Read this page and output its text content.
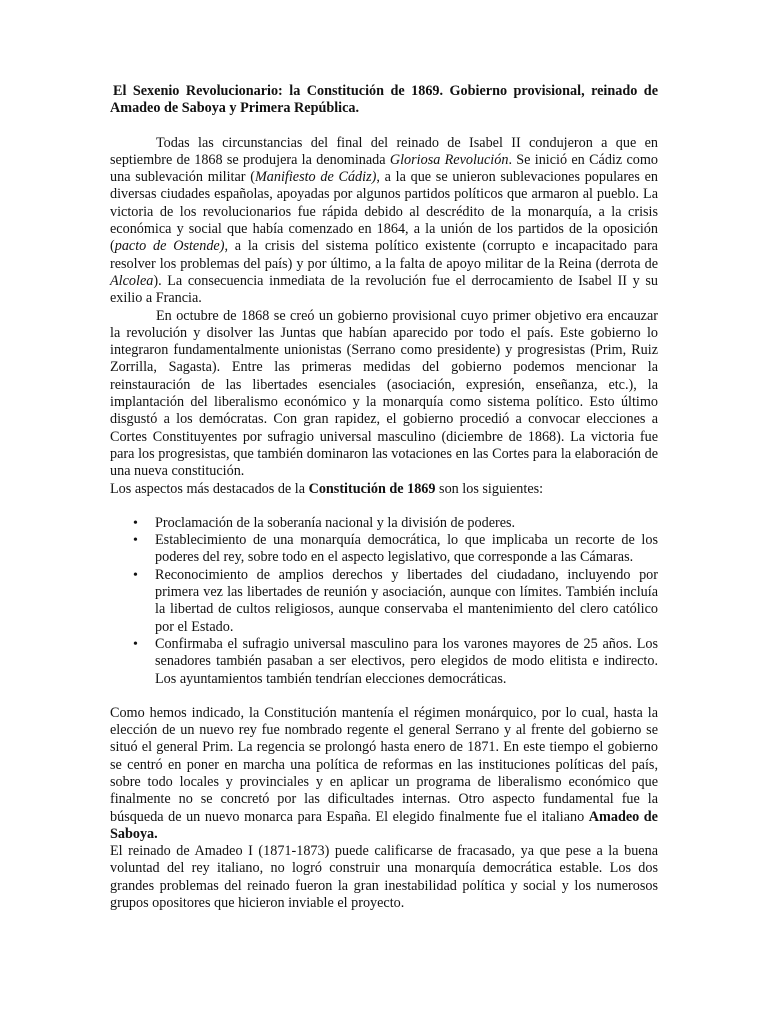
El Sexenio Revolucionario: la Constitución de 1869. Gobierno provisional, reinado de Amadeo de Saboya y Primera República.

Todas las circunstancias del final del reinado de Isabel II condujeron a que en septiembre de 1868 se produjera la denominada Gloriosa Revolución. Se inició en Cádiz como una sublevación militar (Manifiesto de Cádiz), a la que se unieron sublevaciones populares en diversas ciudades españolas, apoyadas por algunos partidos políticos que armaron al pueblo. La victoria de los revolucionarios fue rápida debido al descrédito de la monarquía, a la crisis económica y social que había comenzado en 1864, a la unión de los partidos de la oposición (pacto de Ostende), a la crisis del sistema político existente (corrupto e incapacitado para resolver los problemas del país) y por último, a la falta de apoyo militar de la Reina (derrota de Alcolea). La consecuencia inmediata de la revolución fue el derrocamiento de Isabel II y su exilio a Francia.

En octubre de 1868 se creó un gobierno provisional cuyo primer objetivo era encauzar la revolución y disolver las Juntas que habían aparecido por todo el país. Este gobierno lo integraron fundamentalmente unionistas (Serrano como presidente) y progresistas (Prim, Ruiz Zorrilla, Sagasta). Entre las primeras medidas del gobierno podemos mencionar la reinstauración de las libertades esenciales (asociación, expresión, enseñanza, etc.), la implantación del liberalismo económico y la monarquía como sistema político. Esto último disgustó a los demócratas. Con gran rapidez, el gobierno procedió a convocar elecciones a Cortes Constituyentes por sufragio universal masculino (diciembre de 1868). La victoria fue para los progresistas, que también dominaron las votaciones en las Cortes para la elaboración de una nueva constitución.

Los aspectos más destacados de la Constitución de 1869 son los siguientes:

• Proclamación de la soberanía nacional y la división de poderes.
• Establecimiento de una monarquía democrática, lo que implicaba un recorte de los poderes del rey, sobre todo en el aspecto legislativo, que corresponde a las Cámaras.
• Reconocimiento de amplios derechos y libertades del ciudadano, incluyendo por primera vez las libertades de reunión y asociación, aunque con límites. También incluía la libertad de cultos religiosos, aunque conservaba el mantenimiento del clero católico por el Estado.
• Confirmaba el sufragio universal masculino para los varones mayores de 25 años. Los senadores también pasaban a ser electivos, pero elegidos de modo elitista e indirecto. Los ayuntamientos también tendrían elecciones democráticas.

Como hemos indicado, la Constitución mantenía el régimen monárquico, por lo cual, hasta la elección de un nuevo rey fue nombrado regente el general Serrano y al frente del gobierno se situó el general Prim. La regencia se prolongó hasta enero de 1871. En este tiempo el gobierno se centró en poner en marcha una política de reformas en las instituciones políticas del país, sobre todo locales y provinciales y en aplicar un programa de liberalismo económico que finalmente no se concretó por las dificultades internas. Otro aspecto fundamental fue la búsqueda de un nuevo monarca para España. El elegido finalmente fue el italiano Amadeo de Saboya.

El reinado de Amadeo I (1871-1873) puede calificarse de fracasado, ya que pese a la buena voluntad del rey italiano, no logró construir una monarquía democrática estable. Los dos grandes problemas del reinado fueron la gran inestabilidad política y social y los numerosos grupos opositores que hicieron inviable el proyecto.
